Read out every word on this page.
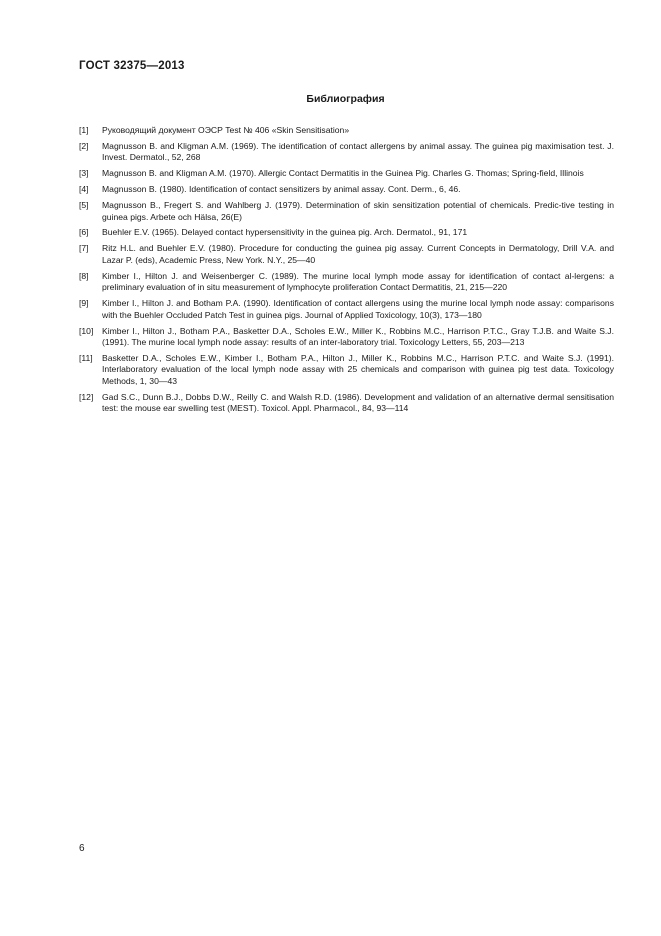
ГОСТ 32375—2013
Библиография
[1]	Руководящий документ ОЭСР Test № 406 «Skin Sensitisation»
[2]	Magnusson B. and Kligman A.M. (1969). The identification of contact allergens by animal assay. The guinea pig maximisation test. J. Invest. Dermatol., 52, 268
[3]	Magnusson B. and Kligman A.M. (1970). Allergic Contact Dermatitis in the Guinea Pig. Charles G. Thomas; Spring-field, Illinois
[4]	Magnusson B. (1980). Identification of contact sensitizers by animal assay. Cont. Derm., 6, 46.
[5]	Magnusson B., Fregert S. and Wahlberg J. (1979). Determination of skin sensitization potential of chemicals. Predic-tive testing in guinea pigs. Arbete och Hälsa, 26(E)
[6]	Buehler E.V. (1965). Delayed contact hypersensitivity in the guinea pig. Arch. Dermatol., 91, 171
[7]	Ritz H.L. and Buehler E.V. (1980). Procedure for conducting the guinea pig assay. Current Concepts in Dermatology, Drill V.A. and Lazar P. (eds), Academic Press, New York. N.Y., 25—40
[8]	Kimber I., Hilton J. and Weisenberger C. (1989). The murine local lymph mode assay for identification of contact al-lergens: a preliminary evaluation of in situ measurement of lymphocyte proliferation Contact Dermatitis, 21, 215—220
[9]	Kimber I., Hilton J. and Botham P.A. (1990). Identification of contact allergens using the murine local lymph node assay: comparisons with the Buehler Occluded Patch Test in guinea pigs. Journal of Applied Toxicology, 10(3), 173—180
[10]	Kimber I., Hilton J., Botham P.A., Basketter D.A., Scholes E.W., Miller K., Robbins M.C., Harrison P.T.C., Gray T.J.B. and Waite S.J. (1991). The murine local lymph node assay: results of an inter-laboratory trial. Toxicology Letters, 55, 203—213
[11]	Basketter D.A., Scholes E.W., Kimber I., Botham P.A., Hilton J., Miller K., Robbins M.C., Harrison P.T.C. and Waite S.J. (1991). Interlaboratory evaluation of the local lymph node assay with 25 chemicals and comparison with guinea pig test data. Toxicology Methods, 1, 30—43
[12]	Gad S.C., Dunn B.J., Dobbs D.W., Reilly C. and Walsh R.D. (1986). Development and validation of an alternative dermal sensitisation test: the mouse ear swelling test (MEST). Toxicol. Appl. Pharmacol., 84, 93—114
6
